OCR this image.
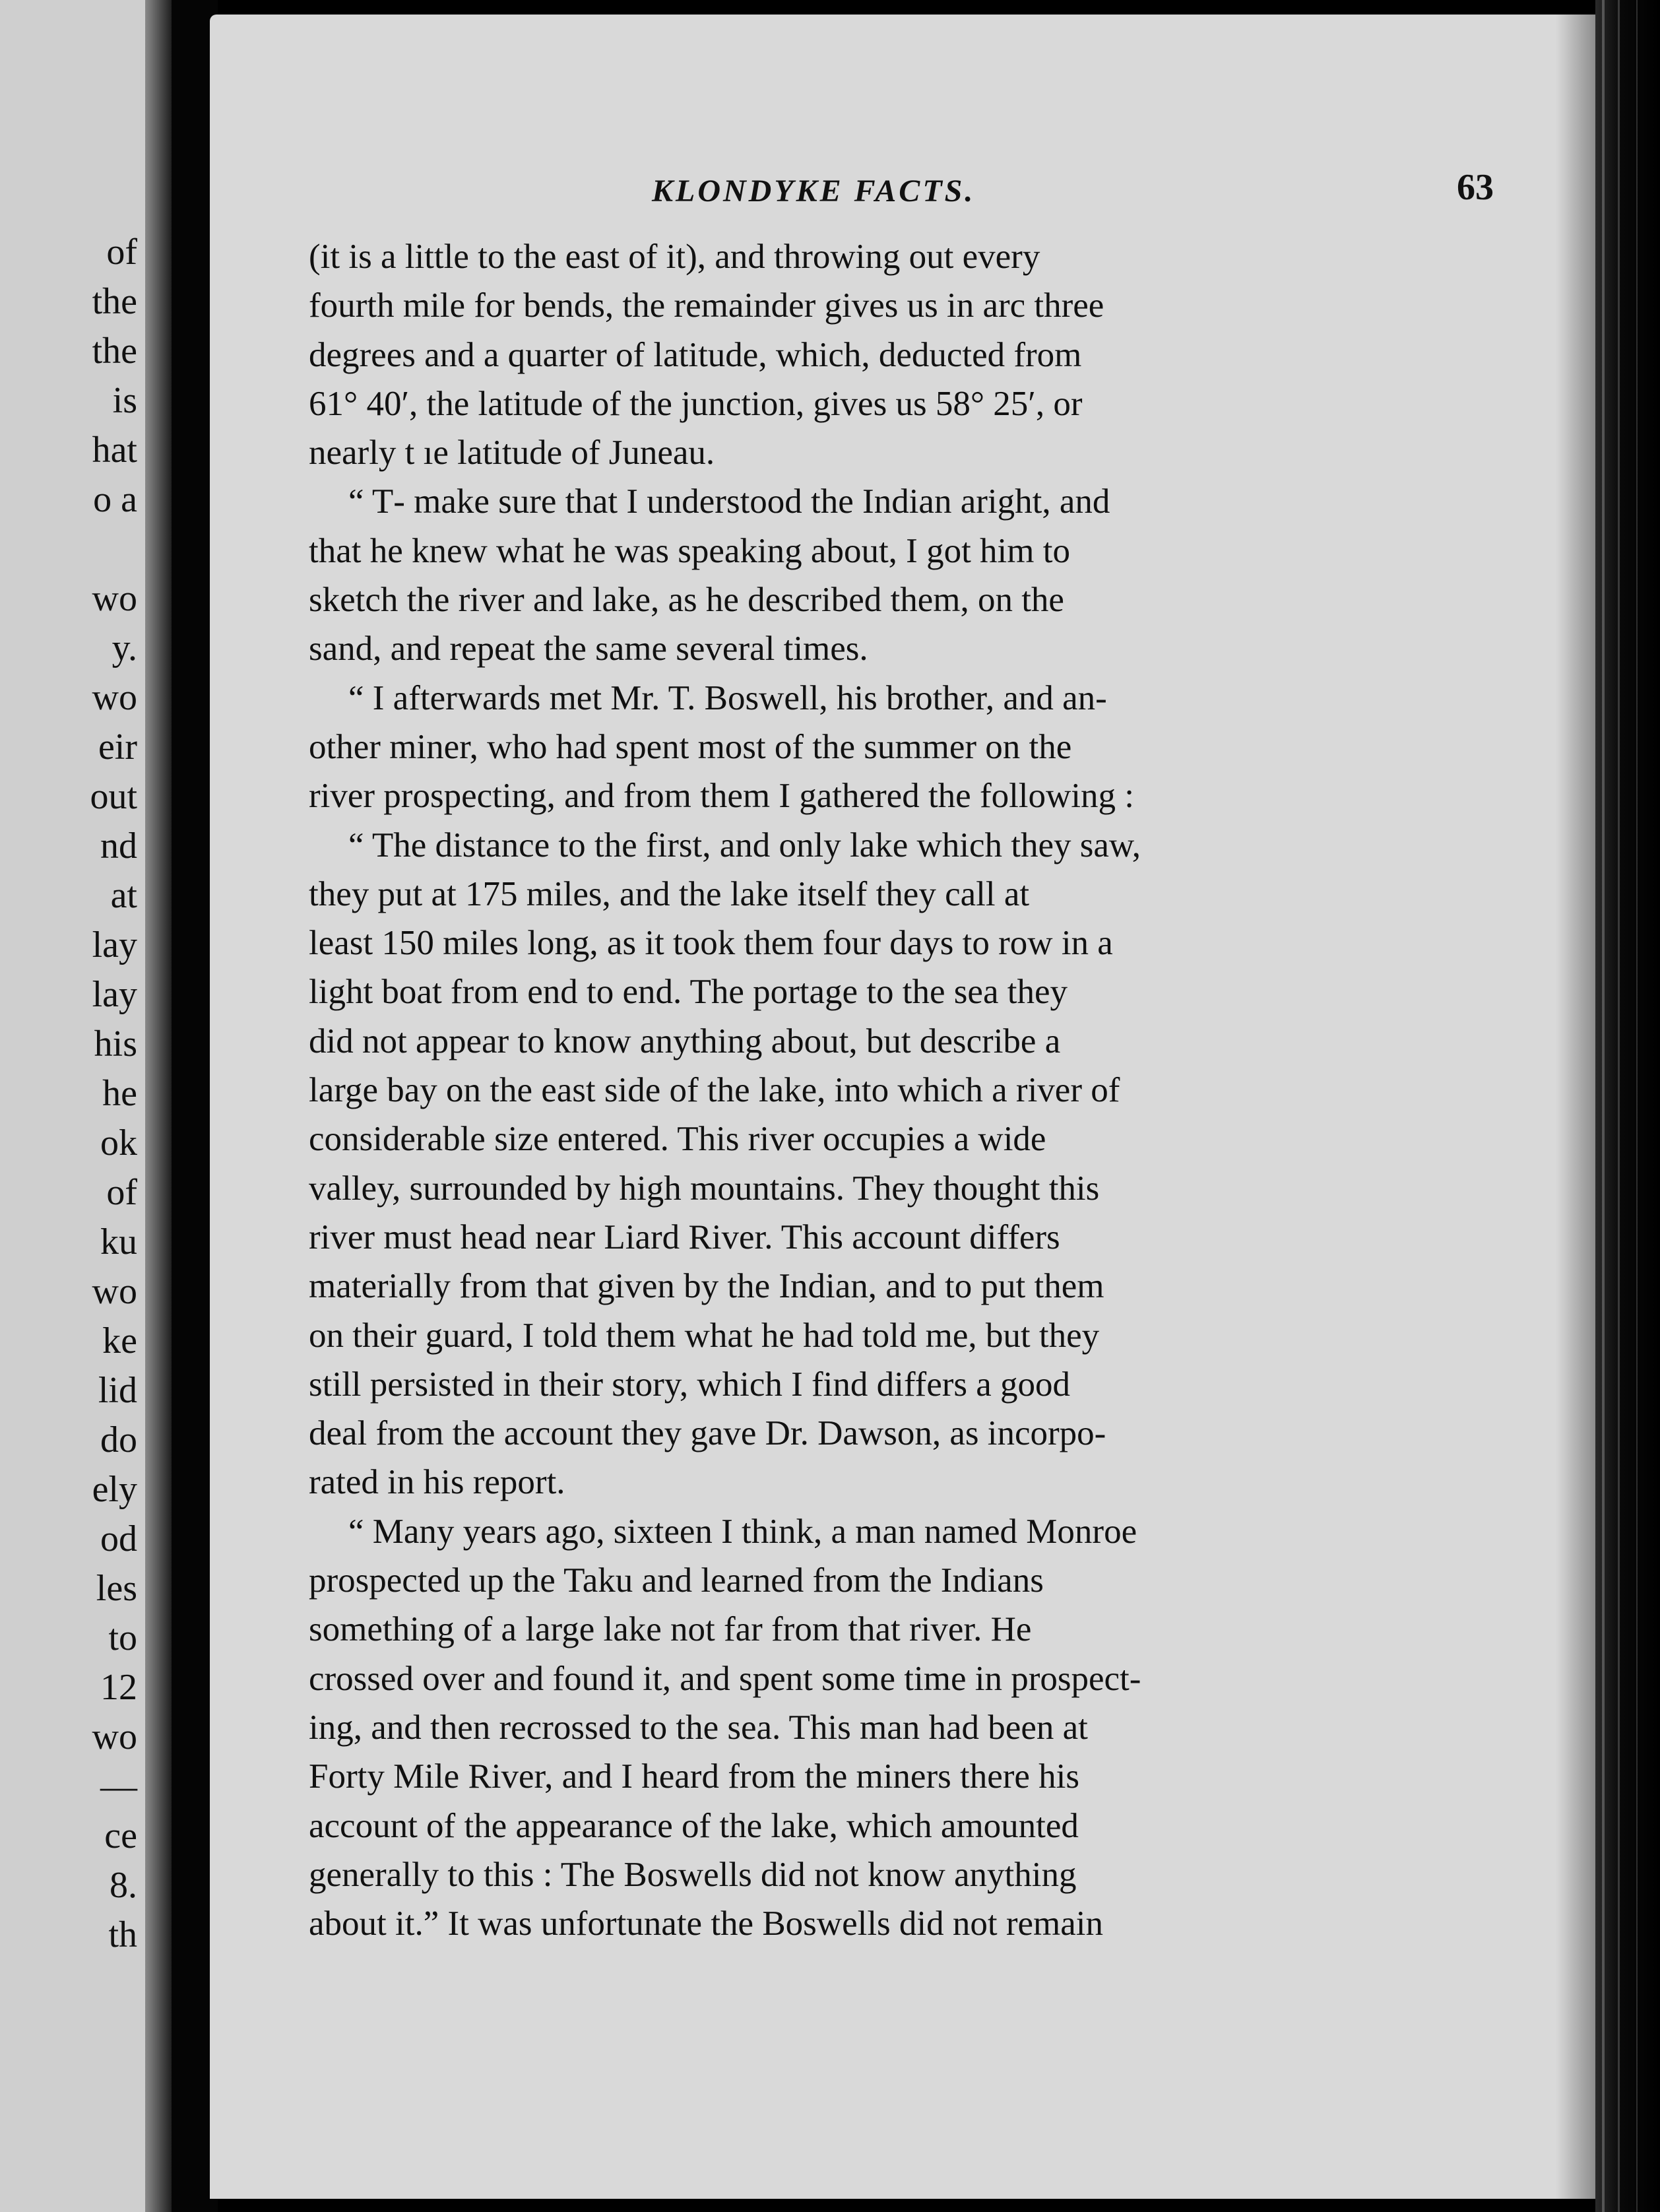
of
the
the
is
hat
o a

wo
y.
wo
eir
out
nd
at
lay
lay
his
he
ok
of
ku
wo
ke
lid
do
ely
od
les
to
12
wo
—
ce
8.
th
KLONDYKE FACTS.	63
(it is a little to the east of it), and throwing out every
fourth mile for bends, the remainder gives us in arc three
degrees and a quarter of latitude, which, deducted from
61° 40′, the latitude of the junction, gives us 58° 25′, or
nearly t ıe latitude of Juneau.
“ T‐ make sure that I understood the Indian aright, and
that he knew what he was speaking about, I got him to
sketch the river and lake, as he described them, on the
sand, and repeat the same several times.
“ I afterwards met Mr. T. Boswell, his brother, and an-
other miner, who had spent most of the summer on the
river prospecting, and from them I gathered the following :
“ The distance to the first, and only lake which they saw,
they put at 175 miles, and the lake itself they call at
least 150 miles long, as it took them four days to row in a
light boat from end to end. The portage to the sea they
did not appear to know anything about, but describe a
large bay on the east side of the lake, into which a river of
considerable size entered. This river occupies a wide
valley, surrounded by high mountains. They thought this
river must head near Liard River. This account differs
materially from that given by the Indian, and to put them
on their guard, I told them what he had told me, but they
still persisted in their story, which I find differs a good
deal from the account they gave Dr. Dawson, as incorpo-
rated in his report.
“ Many years ago, sixteen I think, a man named Monroe
prospected up the Taku and learned from the Indians
something of a large lake not far from that river. He
crossed over and found it, and spent some time in prospect-
ing, and then recrossed to the sea. This man had been at
Forty Mile River, and I heard from the miners there his
account of the appearance of the lake, which amounted
generally to this : The Boswells did not know anything
about it.” It was unfortunate the Boswells did not remain
